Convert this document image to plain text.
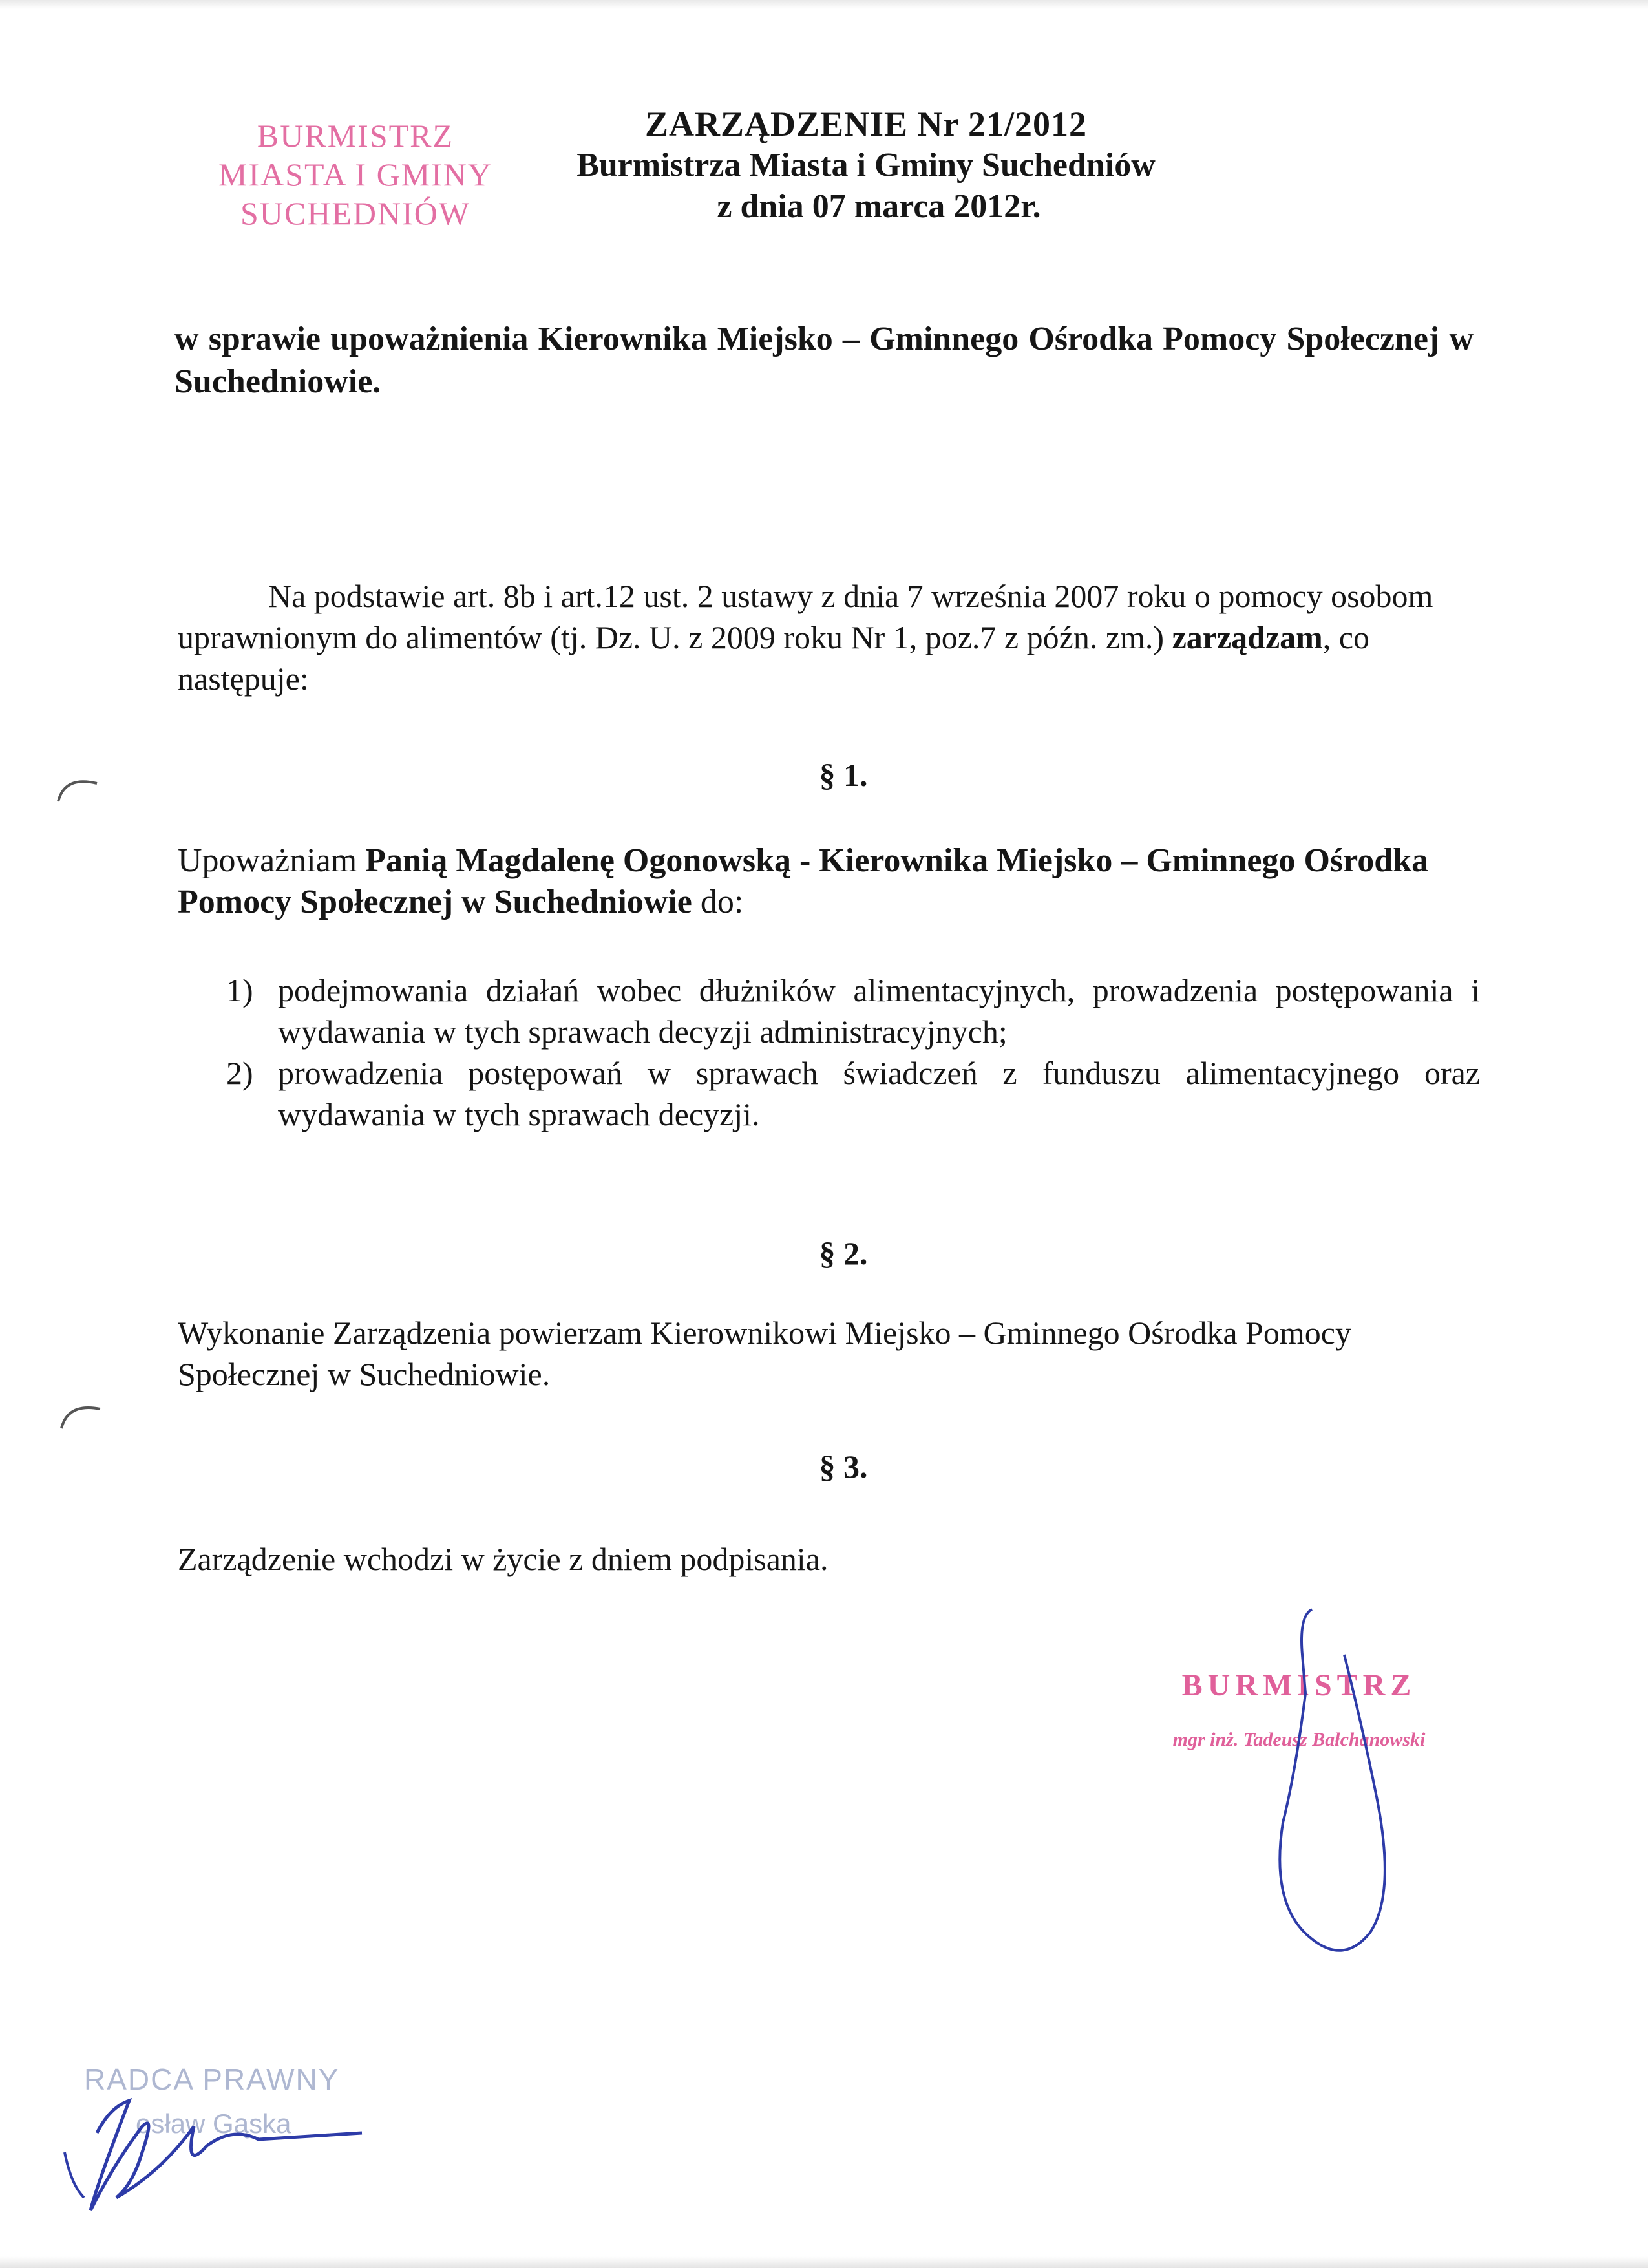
BURMISTRZ
MIASTA I GMINY
SUCHEDNIÓW
ZARZĄDZENIE Nr 21/2012
Burmistrza Miasta i Gminy Suchedniów
z dnia 07 marca 2012r.
w sprawie upoważnienia Kierownika Miejsko – Gminnego Ośrodka Pomocy Społecznej w Suchedniowie.
Na podstawie art. 8b i art.12 ust. 2 ustawy z dnia 7 września 2007 roku o pomocy osobom uprawnionym do alimentów (tj. Dz. U. z 2009 roku Nr 1, poz.7 z późn. zm.) zarządzam, co następuje:
§ 1.
Upoważniam Panią Magdalenę Ogonowską - Kierownika Miejsko – Gminnego Ośrodka Pomocy Społecznej w Suchedniowie do:
1) podejmowania działań wobec dłużników alimentacyjnych, prowadzenia postępowania i wydawania w tych sprawach decyzji administracyjnych;
2) prowadzenia postępowań w sprawach świadczeń z funduszu alimentacyjnego oraz wydawania w tych sprawach decyzji.
§ 2.
Wykonanie Zarządzenia powierzam Kierownikowi Miejsko – Gminnego Ośrodka Pomocy Społecznej w Suchedniowie.
§ 3.
Zarządzenie wchodzi w życie z dniem podpisania.
BURMISTRZ
mgr inż. Tadeusz Bałchanowski
RADCA PRAWNY
osław Gąska
